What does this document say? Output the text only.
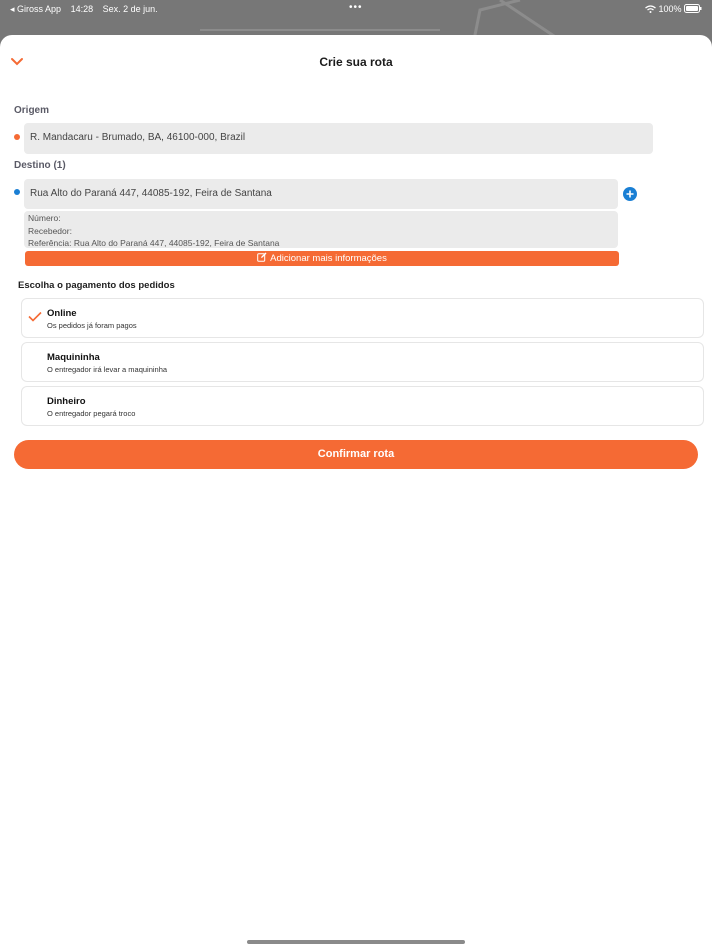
◂ Giross App 14:28 Sex. 2 de jun.	•••	100%
Crie sua rota
Origem
R. Mandacaru - Brumado, BA, 46100-000, Brazil
Destino (1)
Rua Alto do Paraná 447, 44085-192, Feira de Santana
Número:
Recebedor:
Referência: Rua Alto do Paraná 447, 44085-192, Feira de Santana
Adicionar mais informações
Escolha o pagamento dos pedidos
Online
Os pedidos já foram pagos
Maquininha
O entregador irá levar a maquininha
Dinheiro
O entregador pegará troco
Confirmar rota
